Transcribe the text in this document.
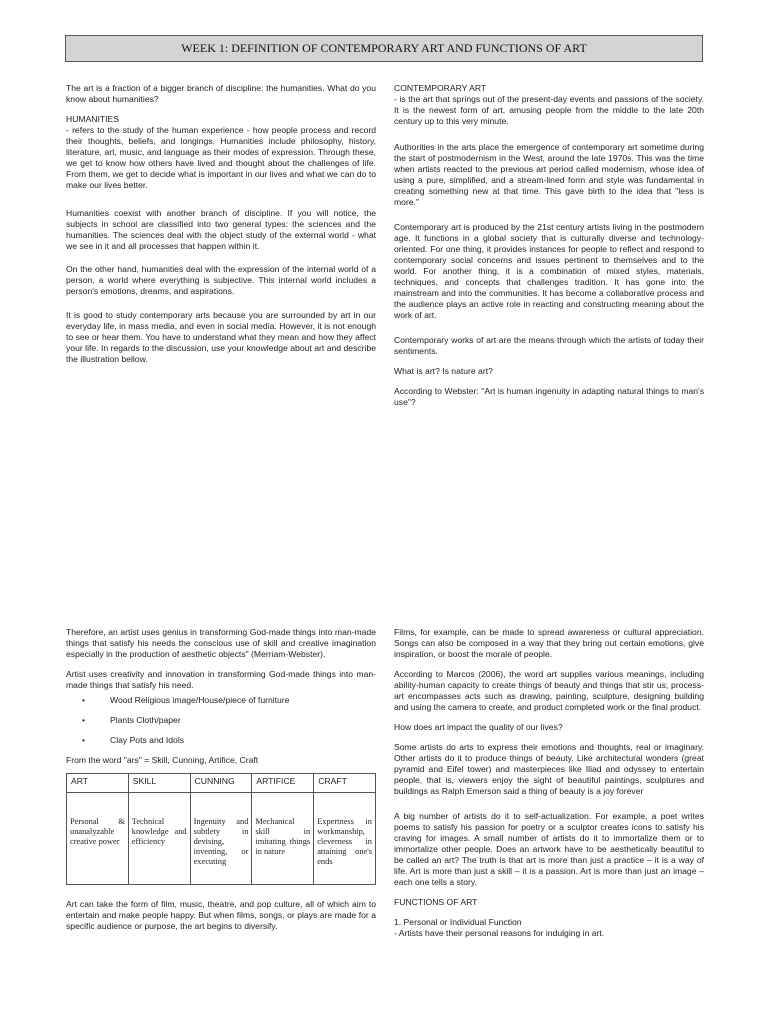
WEEK 1: DEFINITION OF CONTEMPORARY ART AND FUNCTIONS OF ART

The art is a fraction of a bigger branch of discipline: the humanities. What do you know about humanities?

HUMANITIES

- refers to the study of the human experience - how people process and record their thoughts, beliefs, and longings. Humanities include philosophy, history, literature, art, music, and language as their modes of expression. Through these, we get to know how others have lived and thought about the challenges of life. From them, we get to decide what is important in our lives and what we can do to make our lives better.

Humanities coexist with another branch of discipline. If you will notice, the subjects in school are classified into two general types: the sciences and the humanities. The sciences deal with the object study of the external world - what we see in it and all processes that happen within it.

On the other hand, humanities deal with the expression of the internal world of a person, a world where everything is subjective. This internal world includes a person's emotions, dreams, and aspirations.

It is good to study contemporary arts because you are surrounded by art in our everyday life, in mass media, and even in social media. However, it is not enough to see or hear them. You have to understand what they mean and how they affect your life. In regards to the discussion, use your knowledge about art and describe the illustration bellow.

CONTEMPORARY ART

- is the art that springs out of the present-day events and passions of the society. It is the newest form of art, amusing people from the middle to the late 20th century up to this very minute.

Authorities in the arts place the emergence of contemporary art sometime during the start of postmodernism in the West, around the late 1970s. This was the time when artists reacted to the previous art period called modernism, whose idea of using a pure, simplified, and a stream-lined form and style was fundamental in creating something new at that time. This gave birth to the idea that "less is more."

Contemporary art is produced by the 21st century artists living in the postmodern age. It functions in a global society that is culturally diverse and technology-oriented. For one thing, it provides instances for people to reflect and respond to contemporary social concerns and issues pertinent to themselves and to the world. For another thing, it is a combination of mixed styles, materials, techniques, and concepts that challenges tradition. It has gone into the mainstream and into the communities. It has become a collaborative process and the audience plays an active role in reacting and constructing meaning about the work of art.

Contemporary works of art are the means through which the artists of today their sentiments.

What is art? Is nature art?

According to Webster: "Art is human ingenuity in adapting natural things to man's use"?

Therefore, an artist uses genius in transforming God-made things into man-made things that satisfy his needs the conscious use of skill and creative imagination especially in the production of aesthetic objects" (Merriam-Webster).

Artist uses creativity and innovation in transforming God-made things into man-made things that satisfy his need.

•	Wood Religious image/House/piece of furniture
•	Plants Cloth/paper
•	Clay Pots and Idols

From the word "ars" = Skill, Cunning, Artifice, Craft

ART	SKILL	CUNNING	ARTIFICE	CRAFT
Personal & unanalyzable creative power	Technical knowledge and efficiency	Ingenuity and subtlety in devising, inventing, or executing	Mechanical skill in imitating things in nature	Expertness in workmanship, cleverness in attaining one's ends

Art can take the form of film, music, theatre, and pop culture, all of which aim to entertain and make people happy. But when films, songs, or plays are made for a specific audience or purpose, the art begins to diversify.

Films, for example, can be made to spread awareness or cultural appreciation. Songs can also be composed in a way that they bring out certain emotions, give inspiration, or boost the morale of people.

According to Marcos (2006), the word art supplies various meanings, including ability-human capacity to create things of beauty and things that stir us; process- art encompasses acts such as drawing, painting, sculpture, designing building and using the camera to create, and product completed work or the final product.

How does art impact the quality of our lives?

Some artists do arts to express their emotions and thoughts, real or imaginary. Other artists do it to produce things of beauty. Like architectural wonders (great pyramid and Eifel tower) and masterpieces like Iliad and odyssey to entertain people, that is, viewers enjoy the sight of beautiful paintings, sculptures and buildings as Ralph Emerson said a thing of beauty is a joy forever

A big number of artists do it to self-actualization. For example, a poet writes poems to satisfy his passion for poetry or a sculptor creates icons to satisfy his craving for images. A small number of artists do it to immortalize them or to immortalize other people. Does an artwork have to be aesthetically beautiful to be called an art? The truth is that art is more than just a practice – it is a way of life. Art is more than just a skill – it is a passion. Art is more than just an image – each one tells a story.

FUNCTIONS OF ART

1. Personal or Individual Function

- Artists have their personal reasons for indulging in art.
